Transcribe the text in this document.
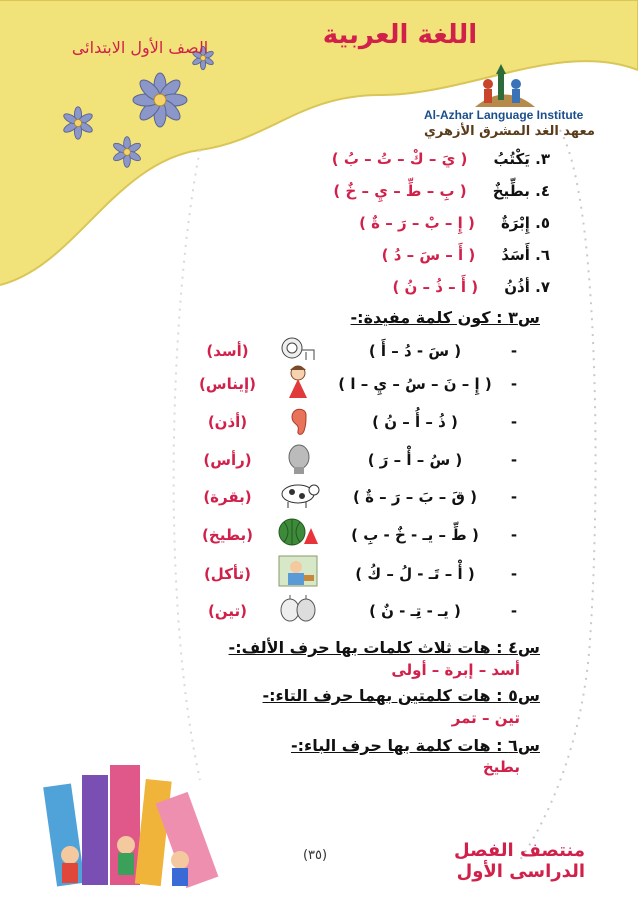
اللغة العربية
الصف الأول الابتدائى
Al-Azhar Language Institute
معهد الغد المشرق الأزهري
٣. يَكْتُبُ     ( يَ – كْ – تُ – بُ )
٤. بطِّيخٌ     ( بِ – طِّ – يِ – خٌ )
٥. إِبْرَةٌ     ( إِ – بْ – رَ – ةٌ )
٦. أَسَدُ     ( أَ – سَ – دُ )
٧. أذُنُ     ( أَ – ذُ – نُ )
س٣ : كون كلمة مفيدة:-
-
( سَ - دُ – أَ )
(أسد)
-
( إِ – نَ – سُ – يِ – ا )
(إيناس)
-
( ذُ – أُ – نُ )
(أذن)
-
( سُ – أْ – رَ )
(رأس)
-
( قَ – بَ – رَ – ةٌ )
(بقرة)
-
( طِّ – يـ - خٌ - بِ )
(بطيخ)
-
( أْ – تَـ - لُ – كُ )
(تأكل)
-
( يـ - تِـ - نٌ )
(تين)
س٤ : هات ثلاث كلمات بها حرف الألف:-
أسد – إبرة – أولى
س٥ : هات كلمتين بهما حرف التاء:-
تين – تمر
س٦ : هات كلمة بها حرف الباء:-
بطيخ
منتصف الفصل الدراسى الأول
(٣٥)
